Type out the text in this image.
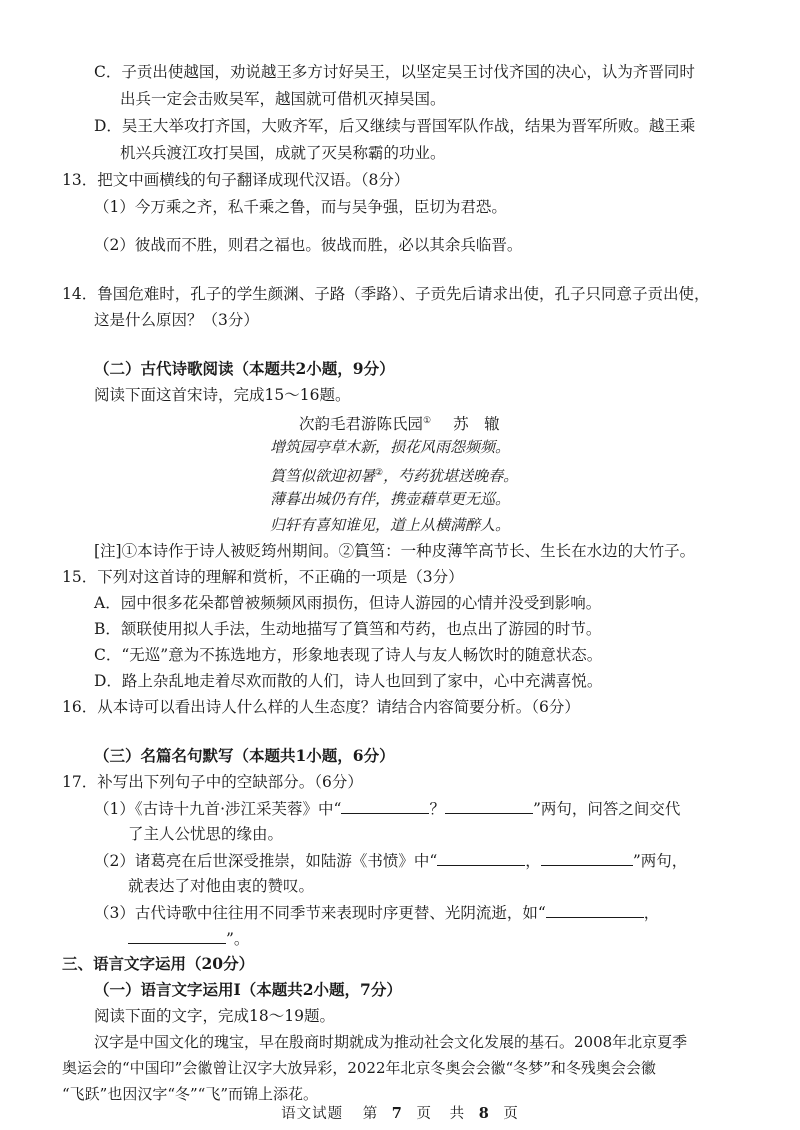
C．子贡出使越国，劝说越王多方讨好吴王，以坚定吴王讨伐齐国的决心，认为齐晋同时
出兵一定会击败吴军，越国就可借机灭掉吴国。
D．吴王大举攻打齐国，大败齐军，后又继续与晋国军队作战，结果为晋军所败。越王乘
机兴兵渡江攻打吴国，成就了灭吴称霸的功业。
13．把文中画横线的句子翻译成现代汉语。（8分）
（1）今万乘之齐，私千乘之鲁，而与吴争强，臣切为君恐。
（2）彼战而不胜，则君之福也。彼战而胜，必以其余兵临晋。
14．鲁国危难时，孔子的学生颜渊、子路（季路）、子贡先后请求出使，孔子只同意子贡出使，
这是什么原因？（3分）
（二）古代诗歌阅读（本题共2小题，9分）
阅读下面这首宋诗，完成15～16题。
次韵毛君游陈氏园① 苏　辙
增筑园亭草木新，损花风雨怨频频。
篔筜似欲迎初暑②，芍药犹堪送晚春。
薄暮出城仍有伴，携壶藉草更无巡。
归轩有喜知谁见，道上从横满醉人。
[注]①本诗作于诗人被贬筠州期间。②篔筜：一种皮薄竿高节长、生长在水边的大竹子。
15．下列对这首诗的理解和赏析，不正确的一项是（3分）
A．园中很多花朵都曾被频频风雨损伤，但诗人游园的心情并没受到影响。
B．颔联使用拟人手法，生动地描写了篔筜和芍药，也点出了游园的时节。
C．“无巡”意为不拣选地方，形象地表现了诗人与友人畅饮时的随意状态。
D．路上杂乱地走着尽欢而散的人们，诗人也回到了家中，心中充满喜悦。
16．从本诗可以看出诗人什么样的人生态度？请结合内容简要分析。（6分）
（三）名篇名句默写（本题共1小题，6分）
17．补写出下列句子中的空缺部分。（6分）
（1）《古诗十九首·涉江采芙蓉》中“	？	”两句，问答之间交代
了主人公忧思的缘由。
（2）诸葛亮在后世深受推崇，如陆游《书愤》中“	，	”两句，
就表达了对他由衷的赞叹。
（3）古代诗歌中往往用不同季节来表现时序更替、光阴流逝，如“	，
”。
三、语言文字运用（20分）
（一）语言文字运用Ⅰ（本题共2小题，7分）
阅读下面的文字，完成18～19题。
汉字是中国文化的瑰宝，早在殷商时期就成为推动社会文化发展的基石。2008年北京夏季
奥运会的“中国印”会徽曾让汉字大放异彩，2022年北京冬奥会会徽“冬梦”和冬残奥会会徽
“飞跃”也因汉字“冬”“飞”而锦上添花。
语文试题 第 7 页 共 8 页
